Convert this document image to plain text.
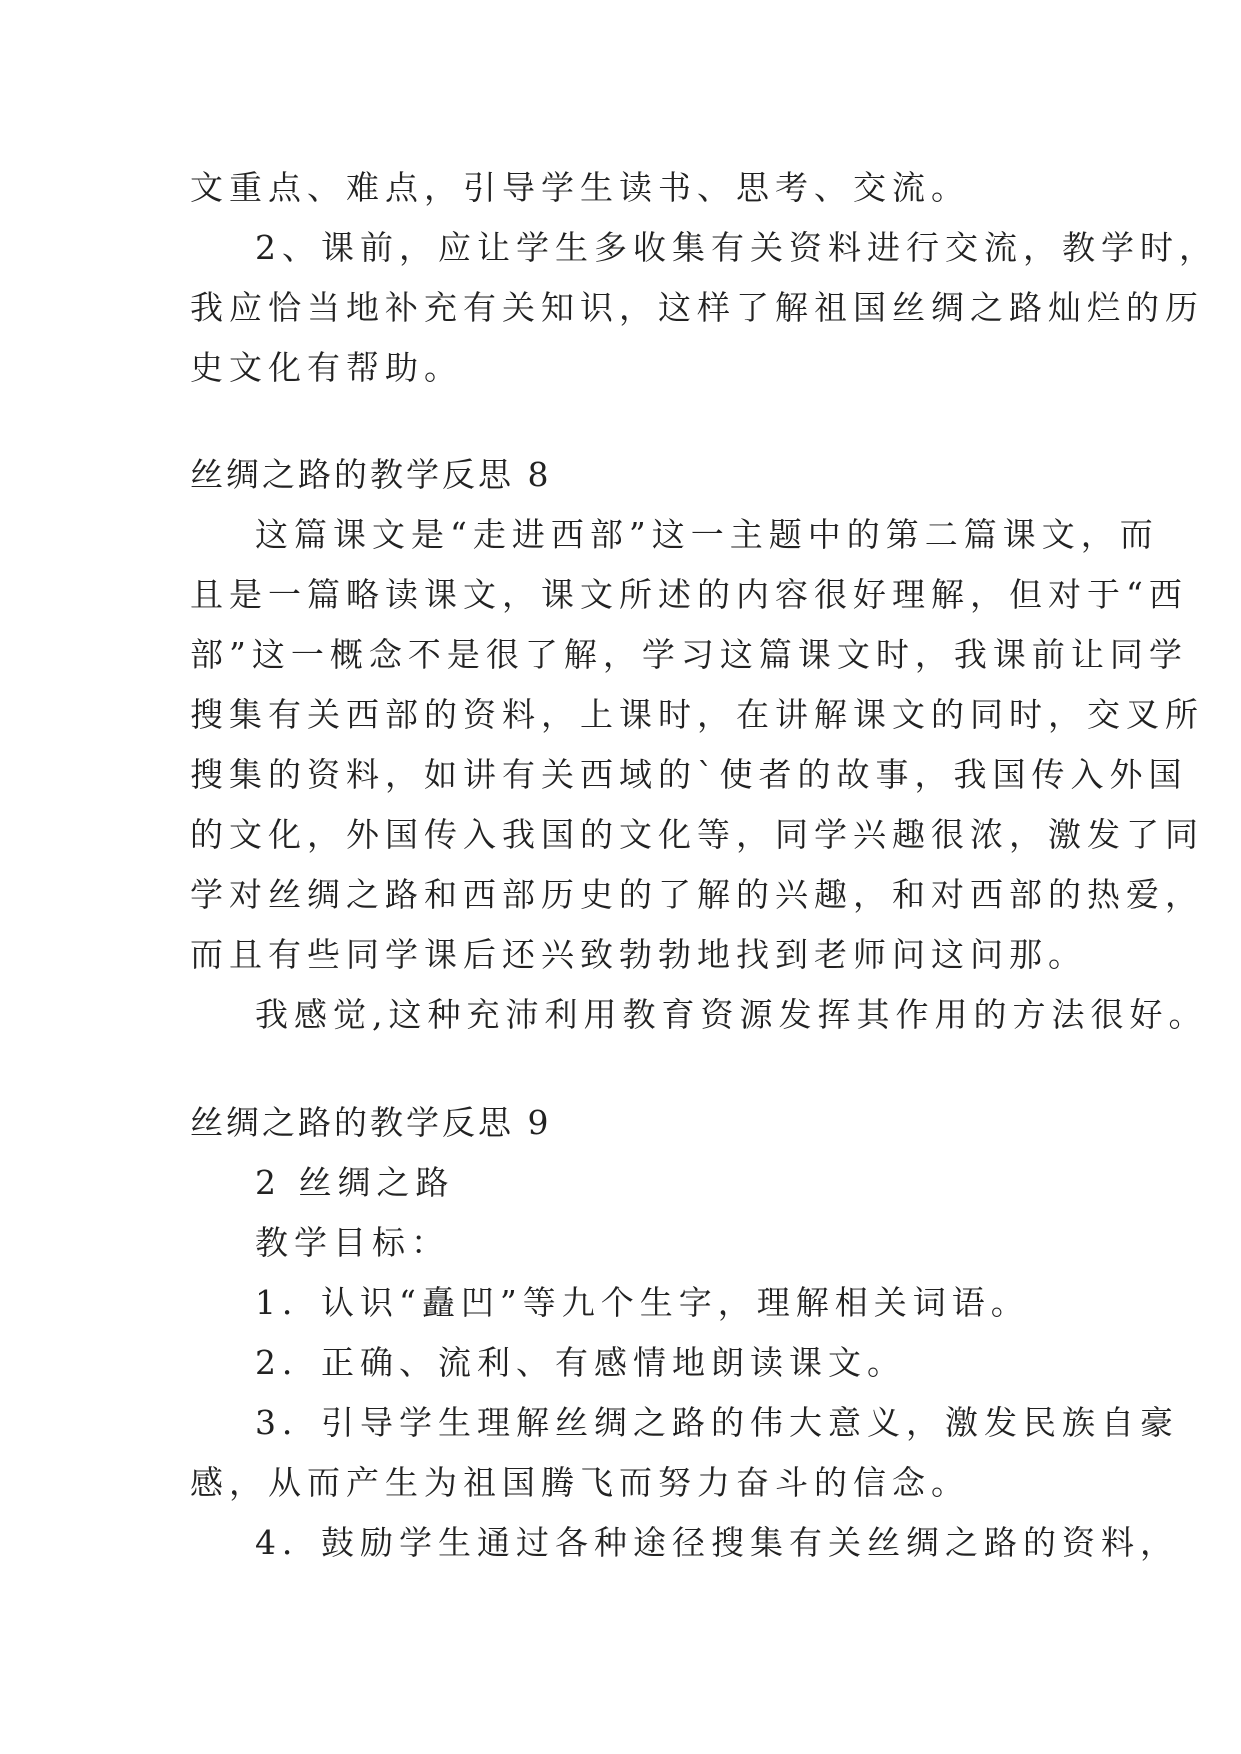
文重点、难点，引导学生读书、思考、交流。
2、课前，应让学生多收集有关资料进行交流，教学时，
我应恰当地补充有关知识，这样了解祖国丝绸之路灿烂的历
史文化有帮助。
丝绸之路的教学反思 8
这篇课文是“走进西部”这一主题中的第二篇课文，而
且是一篇略读课文，课文所述的内容很好理解，但对于“西
部”这一概念不是很了解，学习这篇课文时，我课前让同学
搜集有关西部的资料，上课时，在讲解课文的同时，交叉所
搜集的资料，如讲有关西域的`使者的故事，我国传入外国
的文化，外国传入我国的文化等，同学兴趣很浓，激发了同
学对丝绸之路和西部历史的了解的兴趣，和对西部的热爱，
而且有些同学课后还兴致勃勃地找到老师问这问那。
我感觉,这种充沛利用教育资源发挥其作用的方法很好。
丝绸之路的教学反思 9
2 丝绸之路
教学目标：
1．认识“矗凹”等九个生字，理解相关词语。
2．正确、流利、有感情地朗读课文。
3．引导学生理解丝绸之路的伟大意义，激发民族自豪
感，从而产生为祖国腾飞而努力奋斗的信念。
4．鼓励学生通过各种途径搜集有关丝绸之路的资料，
